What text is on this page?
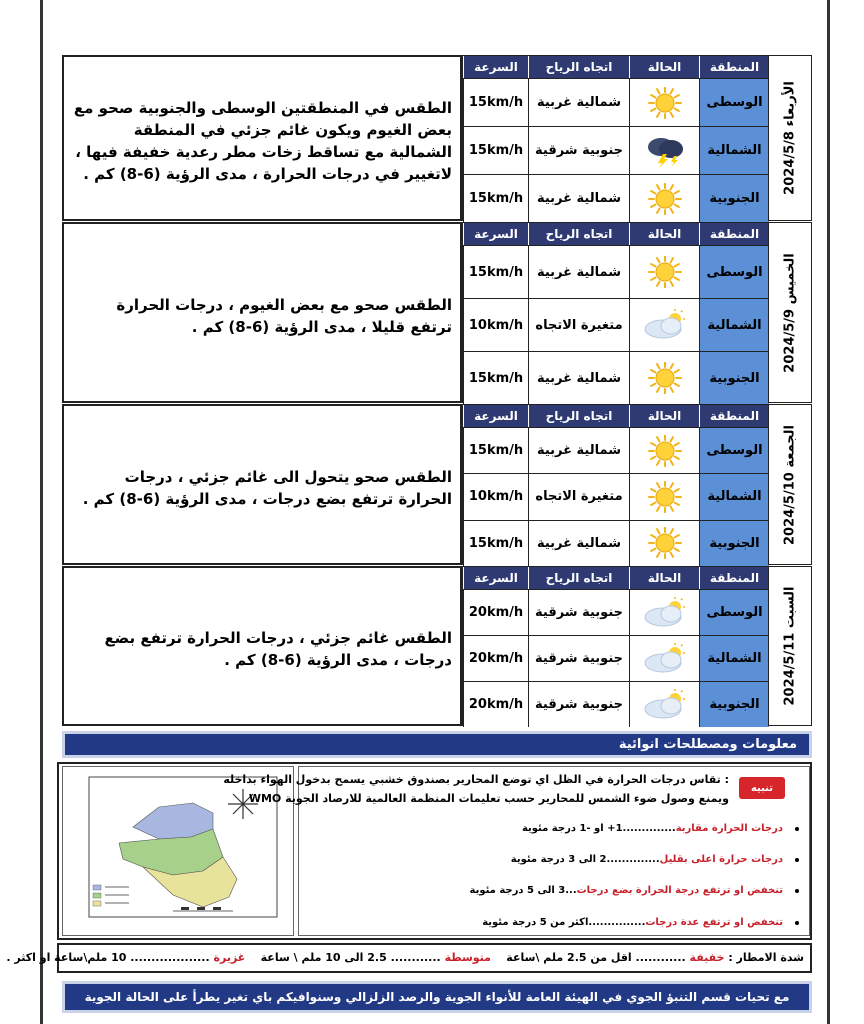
الطقس في المنطقتين الوسطى والجنوبية صحو مع بعض الغيوم ويكون غائم جزئي في المنطقة الشمالية مع تساقط زخات مطر رعدية خفيفة فيها ، لاتغيير في درجات الحرارة ، مدى الرؤية (6-8) كم .
السرعة	اتجاه الرياح	الحالة	المنطقة
15km/h	شمالية غربية	الوسطى
15km/h جنوبية شرقية	الشمالية
15km/h	شمالية غربية	الجنوبية
الأربعاء 2024/5/8
الطقس صحو مع بعض الغيوم ، درجات الحرارة ترتفع قليلا ، مدى الرؤية (6-8) كم .
السرعة	اتجاه الرياح	الحالة	المنطقة
15km/h	شمالية غربية	الوسطى
10km/h متغيرة الاتجاه	الشمالية
15km/h	شمالية غربية	الجنوبية
الخميس 2024/5/9
الطقس صحو يتحول الى غائم جزئي ، درجات الحرارة ترتفع بضع درجات ، مدى الرؤية (6-8) كم .
السرعة	اتجاه الرياح	الحالة	المنطقة
15km/h	شمالية غربية	الوسطى
10km/h متغيرة الاتجاه	الشمالية
15km/h	شمالية غربية	الجنوبية	الجمعة 2024/5/10
الطقس غائم جزئي ، درجات الحرارة ترتفع بضع درجات ، مدى الرؤية (6-8) كم .
السرعة	اتجاه الرياح	الحالة	المنطقة
20km/h جنوبية شرقية	الوسطى
20km/h جنوبية شرقية	الشمالية
20km/h جنوبية شرقية	الجنوبية	السبت 2024/5/11
معلومات ومصطلحات انوائية
تنبيه
: تقاس درجات الحرارة في الظل اي توضع المحارير بصندوق خشبي يسمح بدخول الهواء بداخله
ويمنع وصول ضوء الشمس للمحارير حسب تعليمات المنظمة العالمية للارصاد الجوية WMO
درجات الحرارة مقاربة..............1+ او -1 درجة مئوية
درجات حرارة اعلى بقليل..............2 الى 3 درجة مئوية
تنخفض او ترتفع درجة الحرارة بضع درجات...3 الى 5 درجة مئوية
تنخفض او ترتفع عدة درجات...............اكثر من 5 درجة مئوية
شدة الامطار : خفيفة ............ اقل من 2.5 ملم \ساعة    متوسطة ............ 2.5 الى 10 ملم \ ساعة    غزيرة ................... 10 ملم\ساعة او اكثر .
مع تحيات قسم التنبؤ الجوي في الهيئة العامة للأنواء الجوية والرصد الزلزالي وسنوافيكم باي تغير يطرأ على الحالة الجوية
